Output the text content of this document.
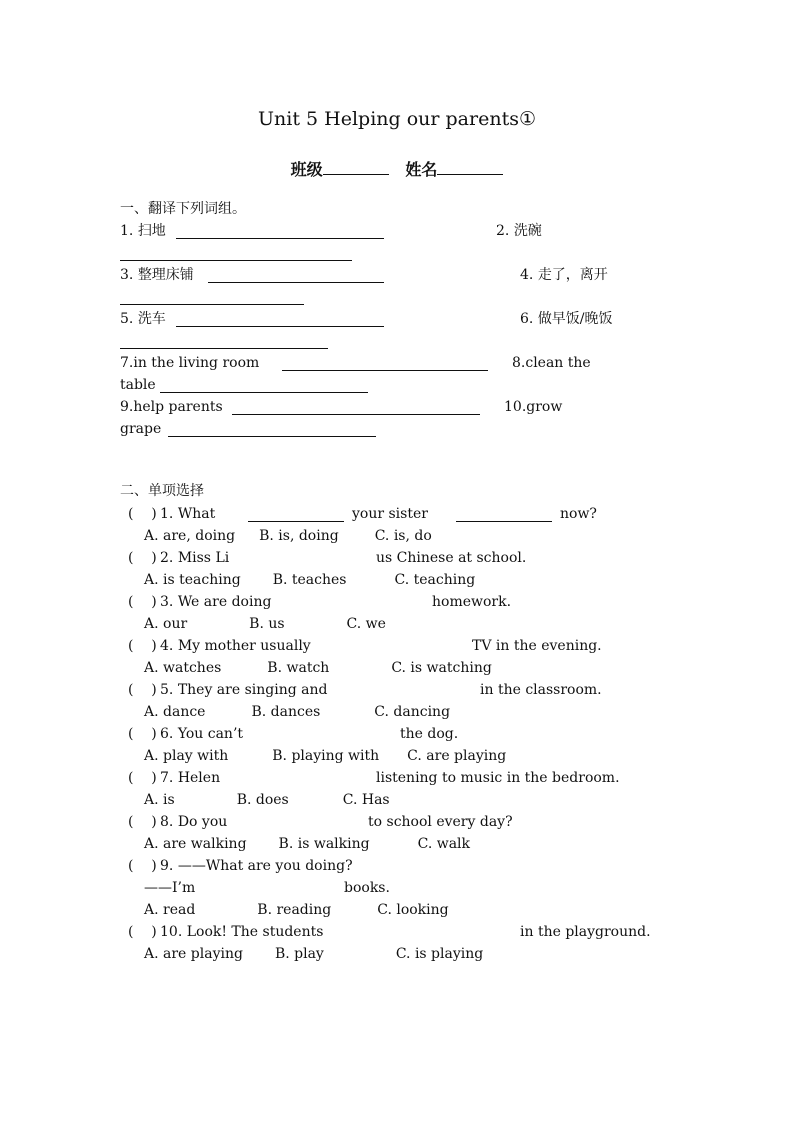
Unit 5 Helping our parents①
班级	姓名
一、翻译下列词组。
1. 扫地	2. 洗碗
3. 整理床铺	4. 走了，离开
5. 洗车	6. 做早饭/晚饭
7.in the living room	8.clean the
table
9.help parents	10.grow
grape
二、单项选择
(    ) 1. What	your sister	now?
A. are, doing B. is, doing	C. is, do
(    ) 2. Miss Li	us Chinese at school.
A. is teaching B. teaches	C. teaching
(    ) 3. We are doing	homework.
A. our	B. us	C. we
(    ) 4. My mother usually	TV in the evening.
A. watches	B. watch	C. is watching
(    ) 5. They are singing and	in the classroom.
A. dance	B. dances	C. dancing
(    ) 6. You can’t	the dog.
A. play with	B. playing with C. are playing
(    ) 7. Helen	listening to music in the bedroom.
A. is	B. does	C. Has
(    ) 8. Do you	to school every day?
A. are walking B. is walking	C. walk
(    ) 9. ——What are you doing?
——I’m	books.
A. read	B. reading	C. looking
(    ) 10. Look! The students	in the playground.
A. are playing B. play	C. is playing
